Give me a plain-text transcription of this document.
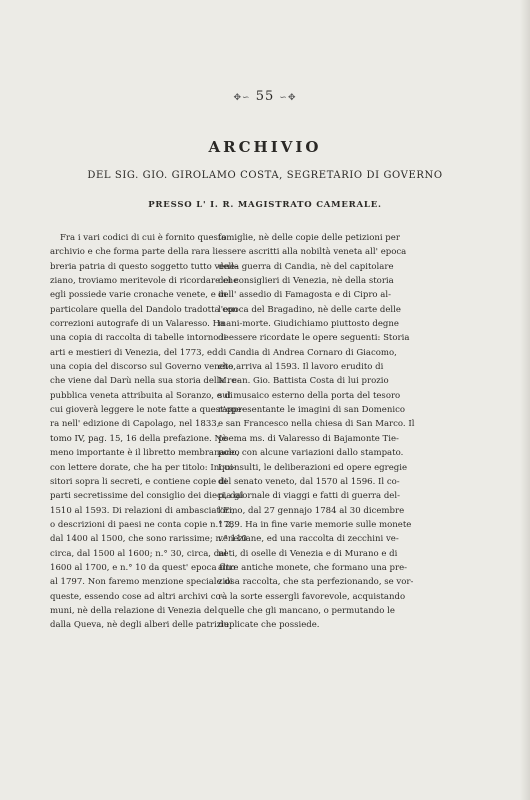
✥∽ 55 ∽✥
ARCHIVIO
DEL SIG. GIO. GIROLAMO COSTA, SEGRETARIO DI GOVERNO
PRESSO L' I. R. MAGISTRATO CAMERALE.
Fra i vari codici di cui è fornito questo
archivio e che forma parte della rara li-
breria patria di questo soggetto tutto vene-
ziano, troviamo meritevole di ricordare che
egli possiede varie cronache venete, e in
particolare quella del Dandolo tradotta con
correzioni autografe di un Valaresso. Ha
una copia di raccolta di tabelle intorno le
arti e mestieri di Venezia, del 1773, ed
una copia del discorso sul Governo veneto,
che viene dal Darù nella sua storia della re-
pubblica veneta attribuita al Soranzo, e di
cui gioverà leggere le note fatte a quest'ope-
ra nell' edizione di Capolago, nel 1833,
tomo IV, pag. 15, 16 della prefazione. Nè
meno importante è il libretto membranaceo
con lettere dorate, che ha per titolo: Inqui-
sitori sopra li secreti, e contiene copie di
parti secretissime del consiglio dei dieci, dal
1510 al 1593. Di relazioni di ambasciatori,
o descrizioni di paesi ne conta copie n.° 2,
dal 1400 al 1500, che sono rarissime; n.° 110
circa, dal 1500 al 1600; n.° 30, circa, dal
1600 al 1700, e n.° 10 da quest' epoca fino
al 1797. Non faremo menzione speciale di
queste, essendo cose ad altri archivi co-
muni, nè della relazione di Venezia del
dalla Queva, nè degli alberi delle patrizie
famiglie, nè delle copie delle petizioni per
essere ascritti alla nobiltà veneta all' epoca
della guerra di Candia, nè del capitolare
dei consiglieri di Venezia, nè della storia
dell' assedio di Famagosta e di Cipro al-
l'epoca del Bragadino, nè delle carte delle
mani-morte. Giudichiamo piuttosto degne
di essere ricordate le opere seguenti: Storia
di Candia di Andrea Cornaro di Giacomo,
che arriva al 1593. Il lavoro erudito di
M. can. Gio. Battista Costa di lui prozio
sul musaico esterno della porta del tesoro
rappresentante le imagini di san Domenico
e san Francesco nella chiesa di San Marco. Il
poema ms. di Valaresso di Bajamonte Tie-
polo, con alcune variazioni dallo stampato.
I consulti, le deliberazioni ed opere egregie
del senato veneto, dal 1570 al 1596. Il co-
pia giornale di viaggi e fatti di guerra del-
l'Emo, dal 27 gennajo 1784 al 30 dicembre
1789. Ha in fine varie memorie sulle monete
veneziane, ed una raccolta di zecchini ve-
neti, di oselle di Venezia e di Murano e di
altre antiche monete, che formano una pre-
ziosa raccolta, che sta perfezionando, se vor-
rà la sorte essergli favorevole, acquistando
quelle che gli mancano, o permutando le
duplicate che possiede.
